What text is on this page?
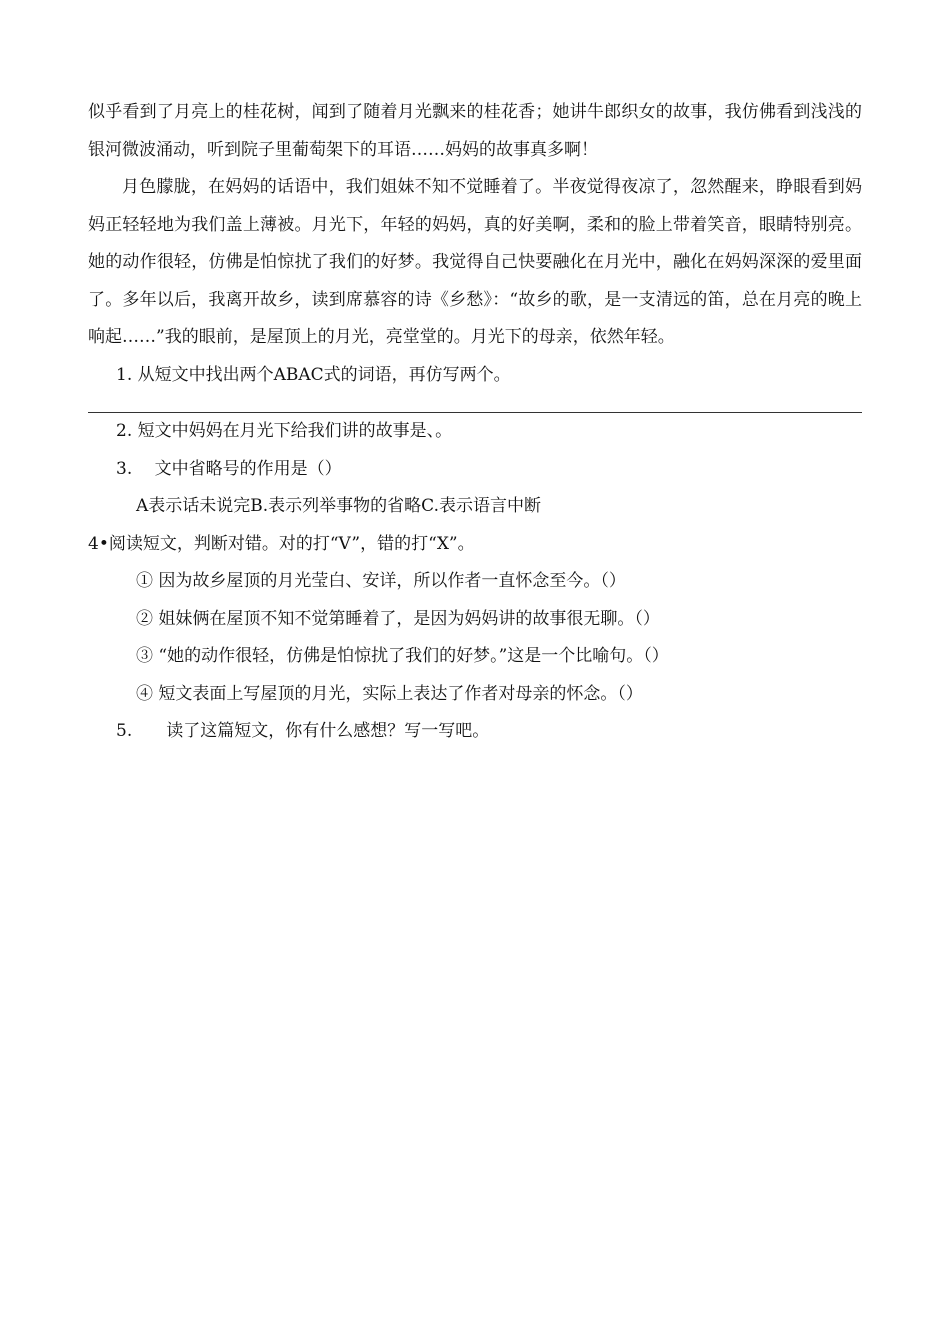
似乎看到了月亮上的桂花树，闻到了随着月光飘来的桂花香；她讲牛郎织女的故事，我仿佛看到浅浅的银河微波涌动，听到院子里葡萄架下的耳语……妈妈的故事真多啊！

月色朦胧，在妈妈的话语中，我们姐妹不知不觉睡着了。半夜觉得夜凉了，忽然醒来，睁眼看到妈妈正轻轻地为我们盖上薄被。月光下，年轻的妈妈，真的好美啊，柔和的脸上带着笑音，眼睛特别亮。她的动作很轻，仿佛是怕惊扰了我们的好梦。我觉得自己快要融化在月光中，融化在妈妈深深的爱里面了。多年以后，我离开故乡，读到席慕容的诗《乡愁》：“故乡的歌，是一支清远的笛，总在月亮的晚上响起……”我的眼前，是屋顶上的月光，亮堂堂的。月光下的母亲，依然年轻。

1. 从短文中找出两个ABAC式的词语，再仿写两个。

2. 短文中妈妈在月光下给我们讲的故事是、。

3.　 文中省略号的作用是（）

A表示话未说完B.表示列举事物的省略C.表示语言中断

4•阅读短文，判断对错。对的打“V”，错的打“X”。

① 因为故乡屋顶的月光莹白、安详，所以作者一直怀念至今。（）

② 姐妹俩在屋顶不知不觉第睡着了，是因为妈妈讲的故事很无聊。（）

③ “她的动作很轻，仿佛是怕惊扰了我们的好梦。”这是一个比喻句。（）

④ 短文表面上写屋顶的月光，实际上表达了作者对母亲的怀念。（）

5.　　读了这篇短文，你有什么感想？写一写吧。
